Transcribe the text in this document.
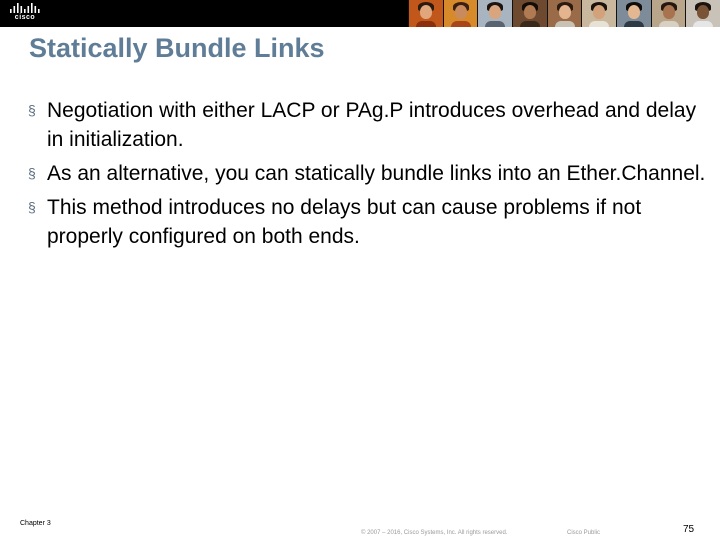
cisco
Statically Bundle Links
§ Negotiation with either LACP or PAg.P introduces overhead and delay in initialization.
§ As an alternative, you can statically bundle links into an Ether.Channel.
§ This method introduces no delays but can cause problems if not properly configured on both ends.
Chapter 3
© 2007 – 2016, Cisco Systems, Inc. All rights reserved.	Cisco Public	75
